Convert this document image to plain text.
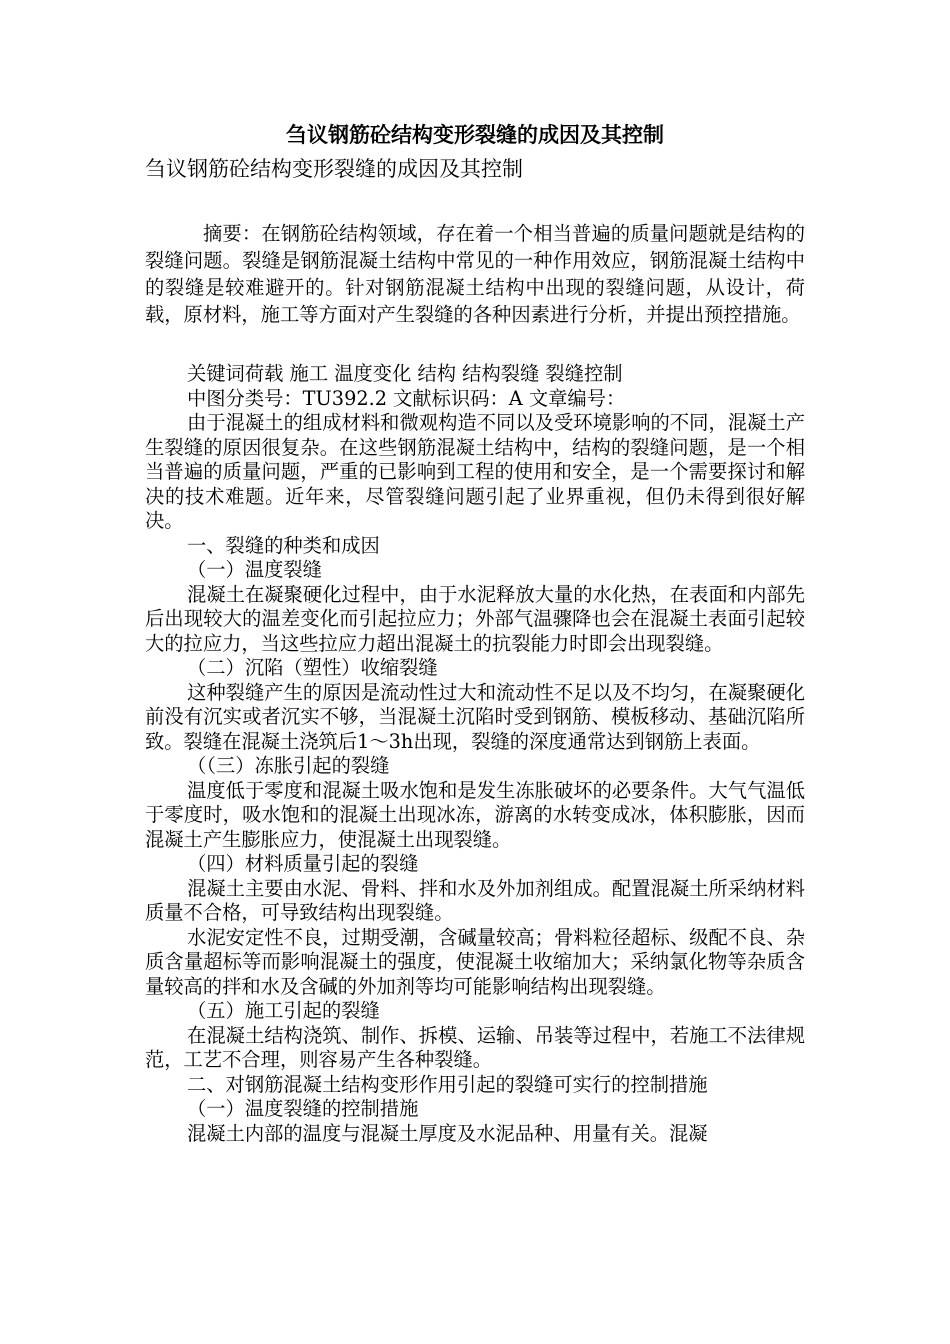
刍议钢筋砼结构变形裂缝的成因及其控制

刍议钢筋砼结构变形裂缝的成因及其控制

摘要：在钢筋砼结构领域，存在着一个相当普遍的质量问题就是结构的裂缝问题。裂缝是钢筋混凝土结构中常见的一种作用效应，钢筋混凝土结构中的裂缝是较难避开的。针对钢筋混凝土结构中出现的裂缝问题，从设计，荷载，原材料，施工等方面对产生裂缝的各种因素进行分析，并提出预控措施。

关键词荷载 施工 温度变化 结构 结构裂缝 裂缝控制

中图分类号：TU392.2 文献标识码：A 文章编号：

由于混凝土的组成材料和微观构造不同以及受环境影响的不同，混凝土产生裂缝的原因很复杂。在这些钢筋混凝土结构中，结构的裂缝问题，是一个相当普遍的质量问题，严重的已影响到工程的使用和安全，是一个需要探讨和解决的技术难题。近年来，尽管裂缝问题引起了业界重视，但仍未得到很好解决。

一、裂缝的种类和成因

（一）温度裂缝

混凝土在凝聚硬化过程中，由于水泥释放大量的水化热，在表面和内部先后出现较大的温差变化而引起拉应力；外部气温骤降也会在混凝土表面引起较大的拉应力，当这些拉应力超出混凝土的抗裂能力时即会出现裂缝。

（二）沉陷（塑性）收缩裂缝

这种裂缝产生的原因是流动性过大和流动性不足以及不均匀，在凝聚硬化前没有沉实或者沉实不够，当混凝土沉陷时受到钢筋、模板移动、基础沉陷所致。裂缝在混凝土浇筑后1～3h出现，裂缝的深度通常达到钢筋上表面。

（（三）冻胀引起的裂缝

温度低于零度和混凝土吸水饱和是发生冻胀破坏的必要条件。大气气温低于零度时，吸水饱和的混凝土出现冰冻，游离的水转变成冰，体积膨胀，因而混凝土产生膨胀应力，使混凝土出现裂缝。

（四）材料质量引起的裂缝

混凝土主要由水泥、骨料、拌和水及外加剂组成。配置混凝土所采纳材料质量不合格，可导致结构出现裂缝。

水泥安定性不良，过期受潮，含碱量较高；骨料粒径超标、级配不良、杂质含量超标等而影响混凝土的强度，使混凝土收缩加大；采纳氯化物等杂质含量较高的拌和水及含碱的外加剂等均可能影响结构出现裂缝。

（五）施工引起的裂缝

在混凝土结构浇筑、制作、拆模、运输、吊装等过程中，若施工不法律规范，工艺不合理，则容易产生各种裂缝。

二、对钢筋混凝土结构变形作用引起的裂缝可实行的控制措施

（一）温度裂缝的控制措施

混凝土内部的温度与混凝土厚度及水泥品种、用量有关。混凝
